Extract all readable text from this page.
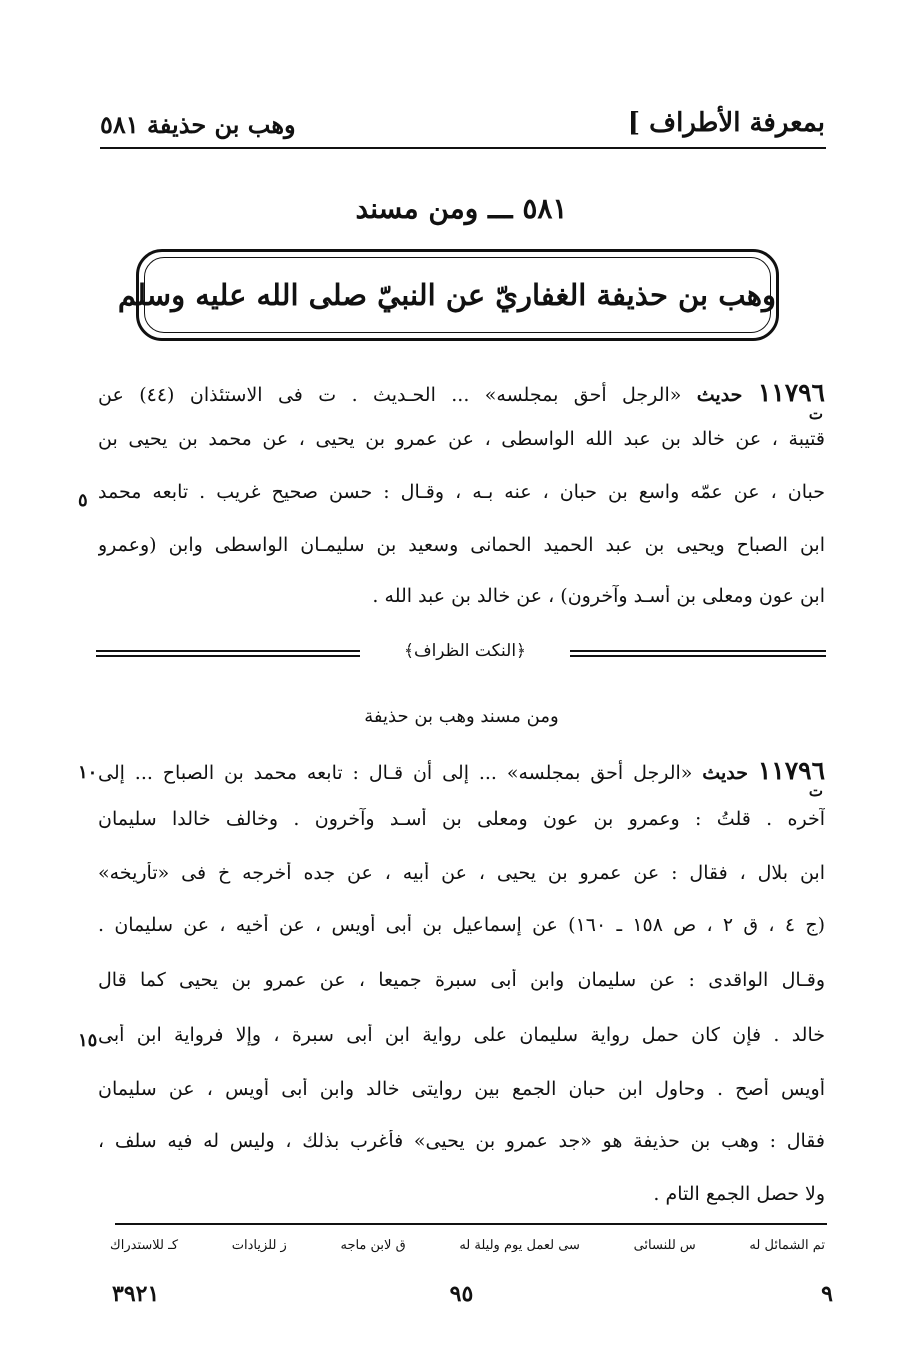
بمعرفة الأطراف ]
وهب بن حذيفة ٥٨١
٥٨١ ـــ ومن مسند
وهب بن حذيفة الغفاريّ عن النبيّ صلى الله عليه وسلم
ت
١١٧٩٦ حديث «الرجل أحق بمجلسه» ... الحـديث . ت فى الاستئذان (٤٤) عن
قتيبة ، عن خالد بن عبد الله الواسطى ، عن عمرو بن يحيى ، عن محمد بن يحيى بن
حبان ، عن عمّه واسع بن حبان ، عنه بـه ، وقـال : حسن صحيح غريب . تابعه محمد
٥
ابن الصباح ويحيى بن عبد الحميد الحمانى وسعيد بن سليمـان الواسطى وابن (وعمرو
ابن عون ومعلى بن أسـد وآخرون) ، عن خالد بن عبد الله .
﴿النكت الظراف﴾
ومن مسند وهب بن حذيفة
ت
١١٧٩٦ حديث «الرجل أحق بمجلسه» ... إلى أن قـال : تابعه محمد بن الصباح ... إلى
١٠
آخره . قلتُ : وعمرو بن عون ومعلى بن أسـد وآخرون . وخالف خالدا سليمان
ابن بلال ، فقال : عن عمرو بن يحيى ، عن أبيه ، عن جده أخرجه خ فى «تأريخه»
(ج ٤ ، ق ٢ ، ص ١٥٨ ـ ١٦٠) عن إسماعيل بن أبى أويس ، عن أخيه ، عن سليمان .
وقـال الواقدى : عن سليمان وابن أبى سبرة جميعا ، عن عمرو بن يحيى كما قال
خالد . فإن كان حمل رواية سليمان على رواية ابن أبى سبرة ، وإلا فرواية ابن أبى
١٥
أويس أصح . وحاول ابن حبان الجمع بين روايتى خالد وابن أبى أويس ، عن سليمان
فقال : وهب بن حذيفة هو «جد عمرو بن يحيى» فأغرب بذلك ، وليس له فيه سلف ،
ولا حصل الجمع التام .
تم الشمائل له
س للنسائى
سى لعمل يوم وليلة له
ق لابن ماجه
ز للزيادات
كـ للاستدراك
٩
٩٥
٣٩٢١
